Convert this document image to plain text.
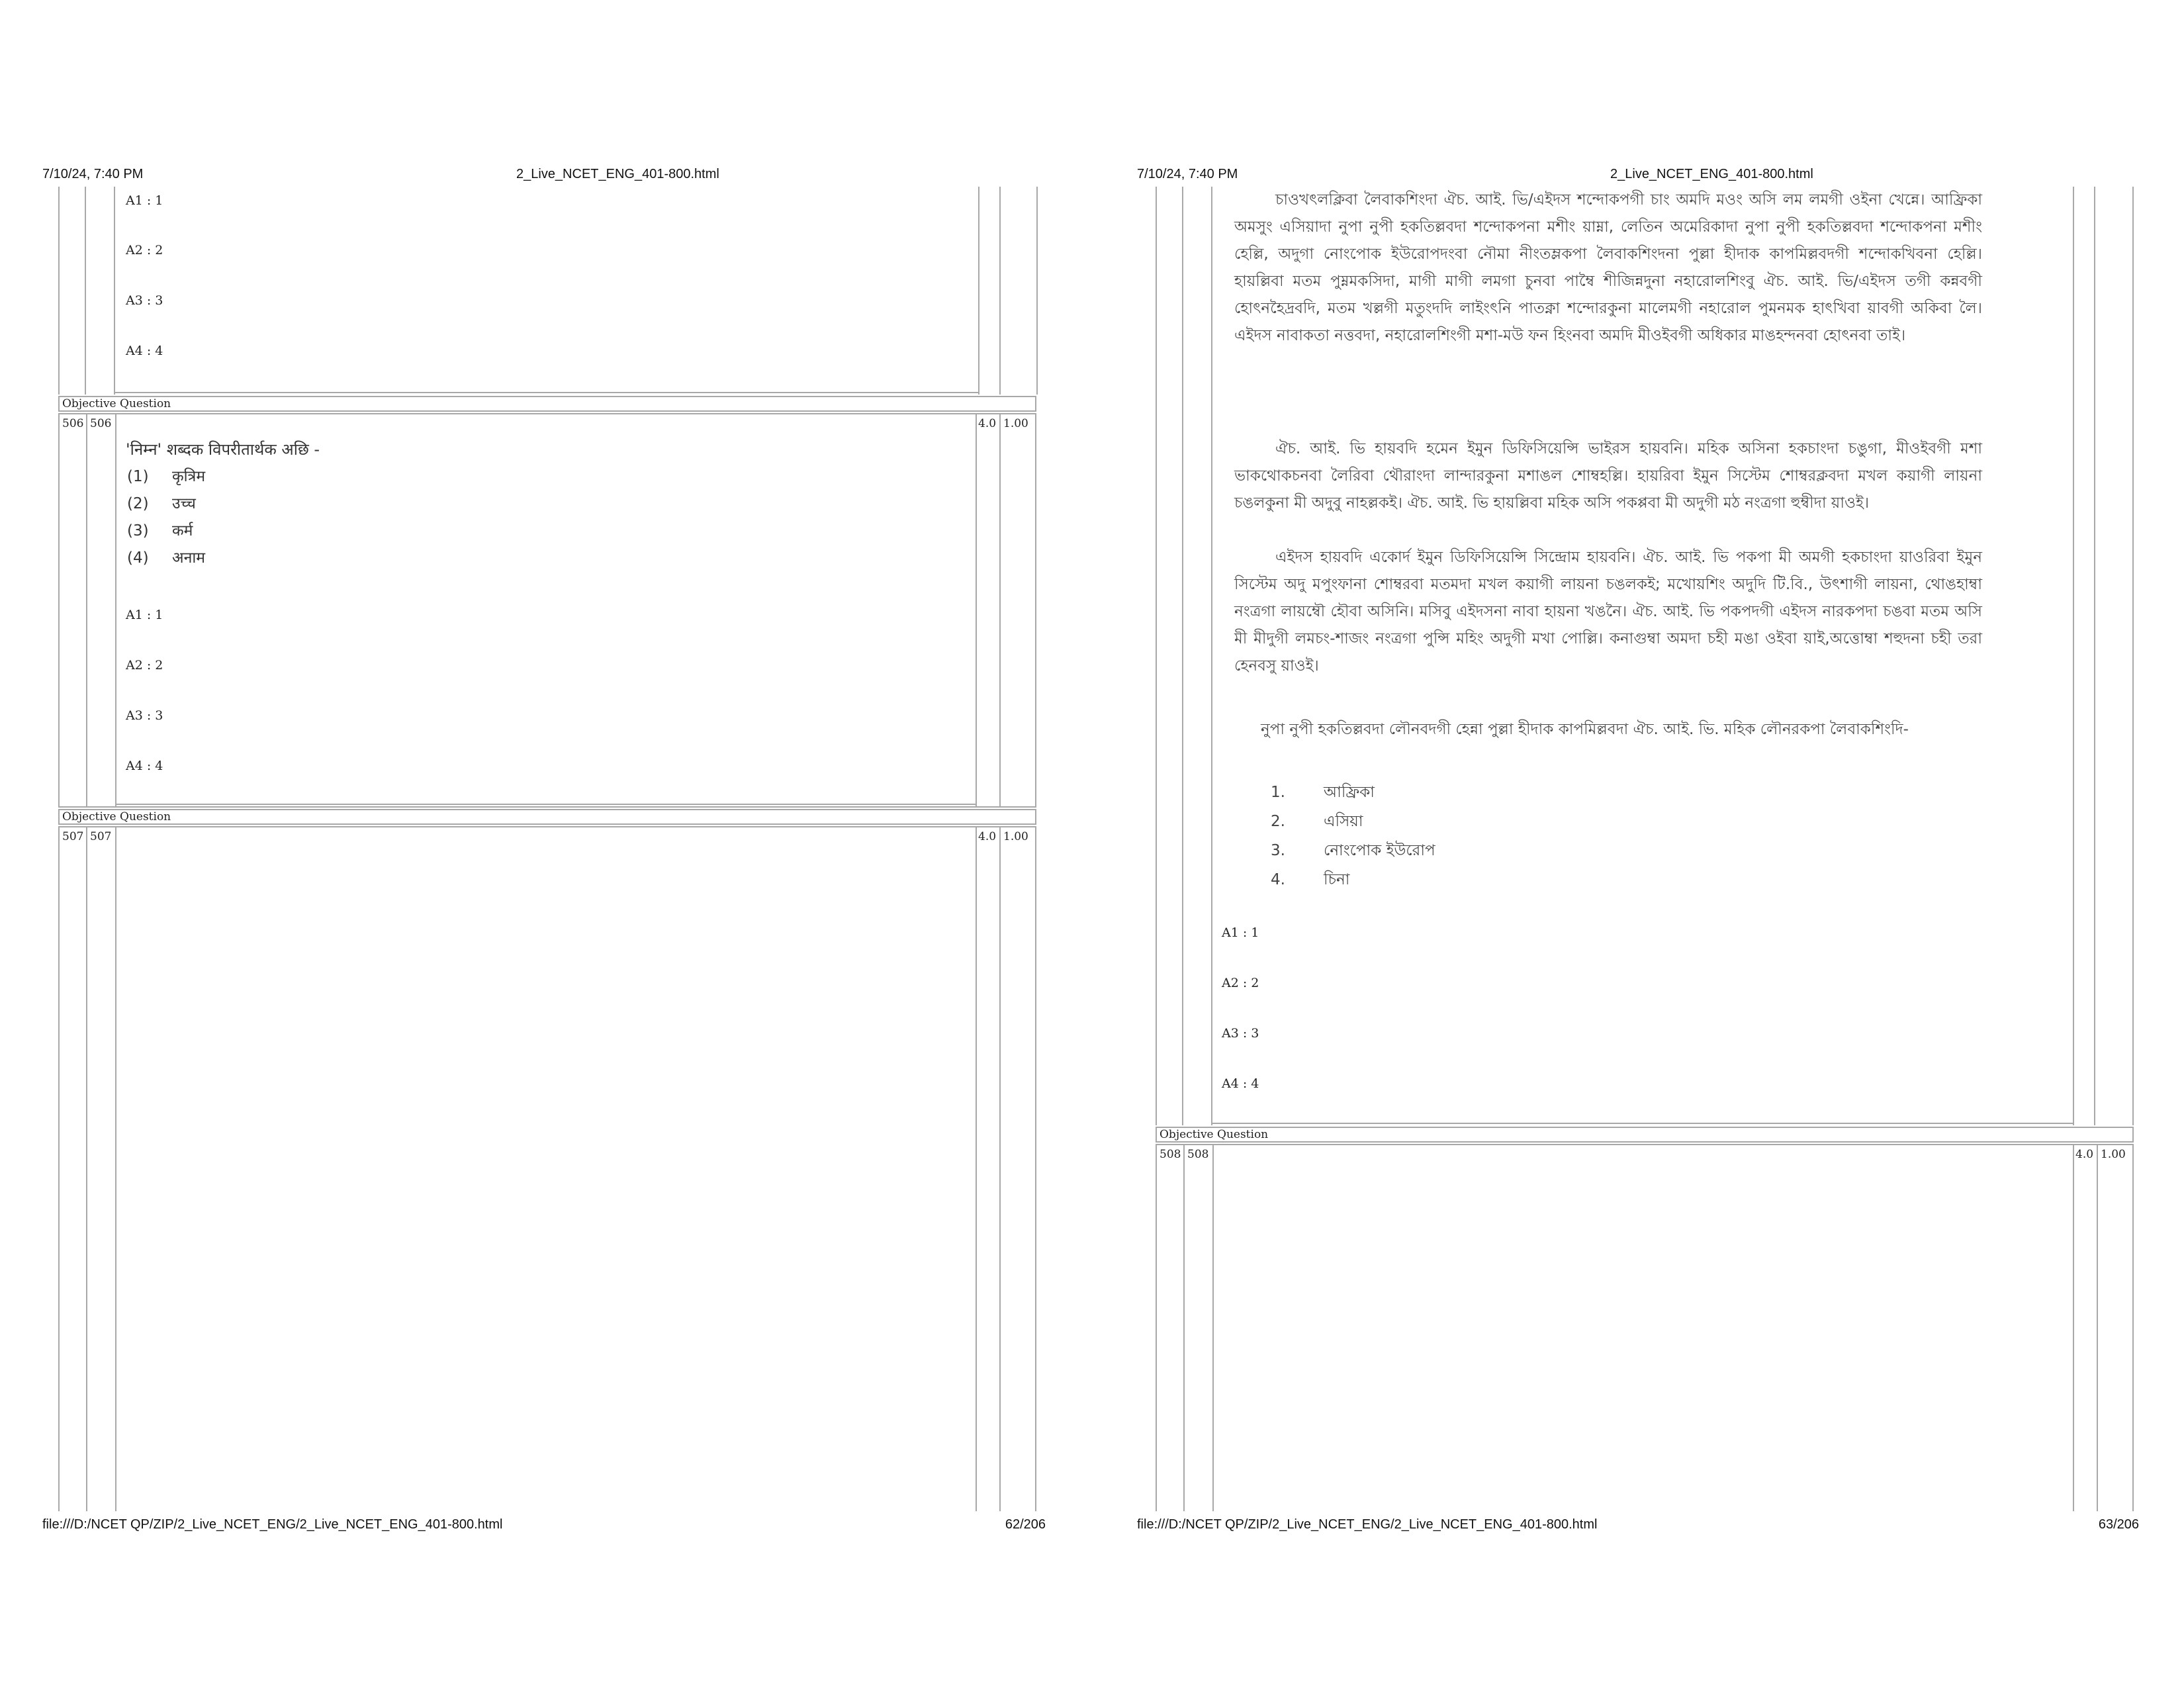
7/10/24, 7:40 PM	2_Live_NCET_ENG_401-800.html
A1 : 1
A2 : 2
A3 : 3
A4 : 4
Objective Question
506 506	4.0 1.00
'निम्न' शब्दक विपरीतार्थक अछि -
(1) कृत्रिम
(2) उच्च
(3) कर्म
(4) अनाम
A1 : 1
A2 : 2
A3 : 3
A4 : 4
Objective Question
507 507	4.0 1.00
file:///D:/NCET QP/ZIP/2_Live_NCET_ENG/2_Live_NCET_ENG_401-800.html	62/206
7/10/24, 7:40 PM	2_Live_NCET_ENG_401-800.html
চাওখৎলক্লিবা লৈবাকশিংদা ঐচ. আই. ভি/এইদস শন্দোকপগী চাং অমদি মওং অসি লম লমগী ওইনা খেন্নে। আফ্রিকা অমসুং এসিয়াদা নুপা নুপী হকতিল্লবদা শন্দোকপনা মশীং য়াম্না, লেতিন অমেরিকাদা নুপা নুপী হকতিল্লবদা শন্দোকপনা মশীং হেল্লি, অদুগা নোংপোক ইউরোপদংবা নৌমা নীংতম্লকপা লৈবাকশিংদনা পুল্লা হীদাক কাপমিল্লবদগী শন্দোকখিবনা হেল্লি। হায়ল্লিবা মতম পুম্নমকসিদা, মাগী মাগী লমগা চুনবা পাম্বৈ শীজিন্নদুনা নহারোলশিংবু ঐচ. আই. ভি/এইদস তগী কন্নবগী হোৎনহৈদ্রবদি, মতম খল্লগী মতুংদদি লাইংৎনি পাতক্না শন্দোরকুনা মালেমগী নহারোল পুমনমক হাৎখিবা য়াবগী অকিবা লৈ। এইদস নাবাকতা নত্তবদা, নহারোলশিংগী মশা-মউ ফন হিংনবা অমদি মীওইবগী অধিকার মাঙহন্দনবা হোৎনবা তাই।
ঐচ. আই. ভি হায়বদি হমেন ইমুন ডিফিসিয়েন্সি ভাইরস হায়বনি। মহিক অসিনা হকচাংদা চঙুগা, মীওইবগী মশা ভাকথোকচনবা লৈরিবা থৌরাংদা লান্দারকুনা মশাঙল শোম্বহল্লি। হায়রিবা ইমুন সিস্টেম শোম্বরক্লবদা মখল কয়াগী লায়না চঙলকুনা মী অদুবু নাহল্লকই। ঐচ. আই. ভি হায়ল্লিবা মহিক অসি পকপ্পবা মী অদুগী মঠ নংত্রগা হুম্বীদা য়াওই।
এইদস হায়বদি একোর্দ ইমুন ডিফিসিয়েন্সি সিন্দ্রোম হায়বনি। ঐচ. আই. ভি পকপা মী অমগী হকচাংদা য়াওরিবা ইমুন সিস্টেম অদু মপুংফানা শোম্বরবা মতমদা মখল কয়াগী লায়না চঙলকই; মখোয়শিং অদুদি টি.বি., উৎশাগী লায়না, থোঙহাম্বা নংত্রগা লায়ম্বৌ হৌবা অসিনি। মসিবু এইদসনা নাবা হায়না খঙনৈ। ঐচ. আই. ভি পকপদগী এইদস নারকপদা চঙবা মতম অসি মী মীদুগী লমচং-শাজং নংত্রগা পুন্সি মহিং অদুগী মখা পোল্লি। কনাগুম্বা অমদা চহী মঙা ওইবা য়াই,অত্তোম্বা শহুদনা চহী তরা হেনবসু য়াওই।
নুপা নুপী হকতিল্লবদা লৌনবদগী হেন্না পুল্লা হীদাক কাপমিল্লবদা ঐচ. আই. ভি. মহিক লৌনরকপা লৈবাকশিংদি-
1.	আফ্রিকা
2.	এসিয়া
3.	নোংপোক ইউরোপ
4.	চিনা
A1 : 1
A2 : 2
A3 : 3
A4 : 4
Objective Question
508 508	4.0 1.00
file:///D:/NCET QP/ZIP/2_Live_NCET_ENG/2_Live_NCET_ENG_401-800.html	63/206
